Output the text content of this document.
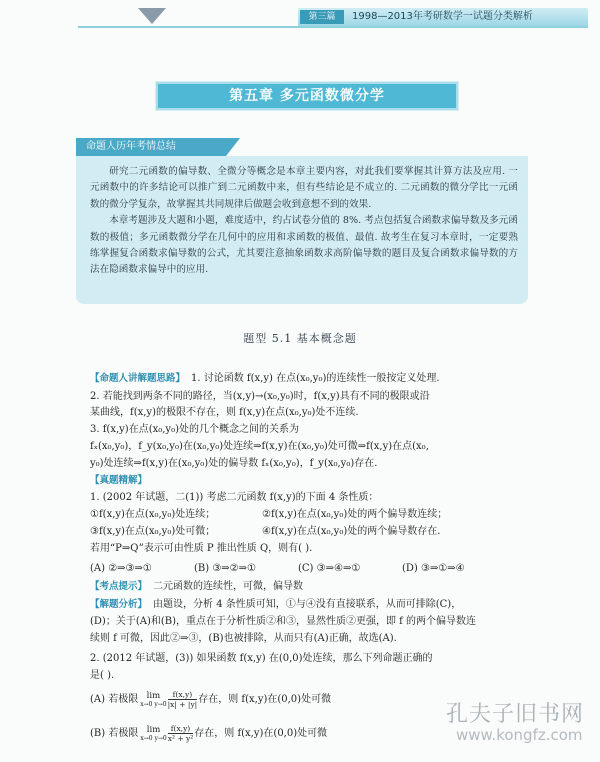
第三篇	1998—2013年考研数学一试题分类解析
第五章 多元函数微分学
命题人历年考情总结

研究二元函数的偏导数、全微分等概念是本章主要内容，对此我们要掌握其计算方法及应用. 一元函数中的许多结论可以推广到二元函数中来，但有些结论是不成立的. 二元函数的微分学比一元函数的微分学复杂，故掌握其共同规律后做题会收到意想不到的效果.

本章考题涉及大题和小题，难度适中，约占试卷分值的 8%. 考点包括复合函数求偏导数及多元函数的极值；多元函数微分学在几何中的应用和求函数的极值、最值. 故考生在复习本章时，一定要熟练掌握复合函数求偏导数的公式，尤其要注意抽象函数求高阶偏导数的题目及复合函数求偏导数的方法在隐函数求偏导中的应用.

题型 5.1 基本概念题
【命题人讲解题思路】 1. 讨论函数 f(x,y) 在点(x₀,y₀)的连续性一般按定义处理.
2. 若能找到两条不同的路径，当(x,y)→(x₀,y₀)时，f(x,y)具有不同的极限或沿
某曲线，f(x,y)的极限不存在，则 f(x,y)在点(x₀,y₀)处不连续.
3. f(x,y)在点(x₀,y₀)处的几个概念之间的关系为
fₓ(x₀,y₀)，f_y(x₀,y₀)在(x₀,y₀)处连续⇒f(x,y)在(x₀,y₀)处可微⇒f(x,y)在点(x₀,
y₀)处连续⇒f(x,y)在(x₀,y₀)处的偏导数 fₓ(x₀,y₀)，f_y(x₀,y₀)存在.
【真题精解】
1. (2002 年试题，二(1)) 考虑二元函数 f(x,y)的下面 4 条性质：
①f(x,y)在点(x₀,y₀)处连续；	②f(x,y)在点(x₀,y₀)处的两个偏导数连续；
③f(x,y)在点(x₀,y₀)处可微；	④f(x,y)在点(x₀,y₀)处的两个偏导数存在.
若用“P⇒Q”表示可由性质 P 推出性质 Q，则有( ).
(A) ②⇒③⇒①	(B) ③⇒②⇒①	(C) ③⇒④⇒①	(D) ③⇒①⇒④
【考点提示】 二元函数的连续性，可微，偏导数
【解题分析】 由题设，分析 4 条性质可知，①与④没有直接联系，从而可排除(C)，
(D)；关于(A)和(B)，重点在于分析性质②和③，显然性质②更强，即 f 的两个偏导数连
续则 f 可微，因此②⇒③，(B)也被排除，从而只有(A)正确，故选(A).
2. (2012 年试题，(3)) 如果函数 f(x,y) 在(0,0)处连续，那么下列命题正确的
是( ).
(A) 若极限 lim
x→0 $y\to 0 \frac{f(x,y)}{|x| + |y|}$ 存在，则 f(x,y)在(0,0)处可微
(B) 若极限 lim
x→0 $y\to 0 \frac{f(x,y)}{\text{x² + y²}}$ 存在，则 f(x,y)在(0,0)处可微
孔夫子旧书网
www.kongfz.com
